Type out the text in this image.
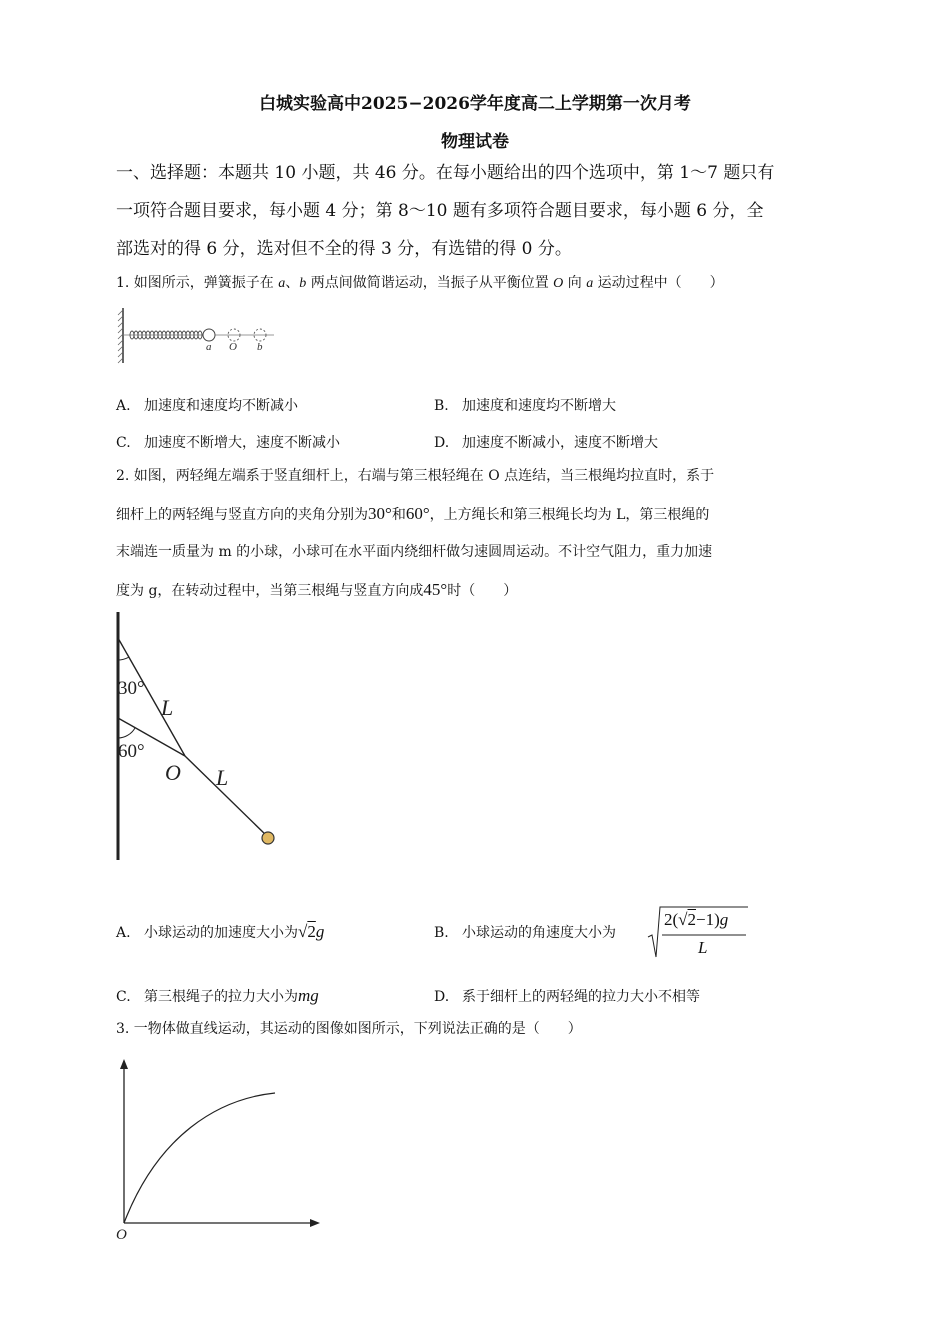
白城实验高中2025−2026学年度高二上学期第一次月考
物理试卷
一、选择题：本题共 10 小题，共 46 分。在每小题给出的四个选项中，第 1～7 题只有
一项符合题目要求，每小题 4 分；第 8～10 题有多项符合题目要求，每小题 6 分，全
部选对的得 6 分，选对但不全的得 3 分，有选错的得 0 分。
1. 如图所示，弹簧振子在 a、b 两点间做简谐运动，当振子从平衡位置 O 向 a 运动过程中（　　）
a O b
A. 加速度和速度均不断减小	B. 加速度和速度均不断增大
C. 加速度不断增大，速度不断减小	D. 加速度不断减小，速度不断增大
2. 如图，两轻绳左端系于竖直细杆上，右端与第三根轻绳在 O 点连结，当三根绳均拉直时，系于
细杆上的两轻绳与竖直方向的夹角分别为30°和60°，上方绳长和第三根绳长均为 L，第三根绳的
末端连一质量为 m 的小球，小球可在水平面内绕细杆做匀速圆周运动。不计空气阻力，重力加速
度为 g，在转动过程中，当第三根绳与竖直方向成45°时（　　）
30°
60°
L
O L
A. 小球运动的加速度大小为√2g	B. 小球运动的角速度大小为
2(√2−1)g
L
C. 第三根绳子的拉力大小为mg	D. 系于细杆上的两轻绳的拉力大小不相等
3. 一物体做直线运动，其运动的图像如图所示，下列说法正确的是（　　）
O
